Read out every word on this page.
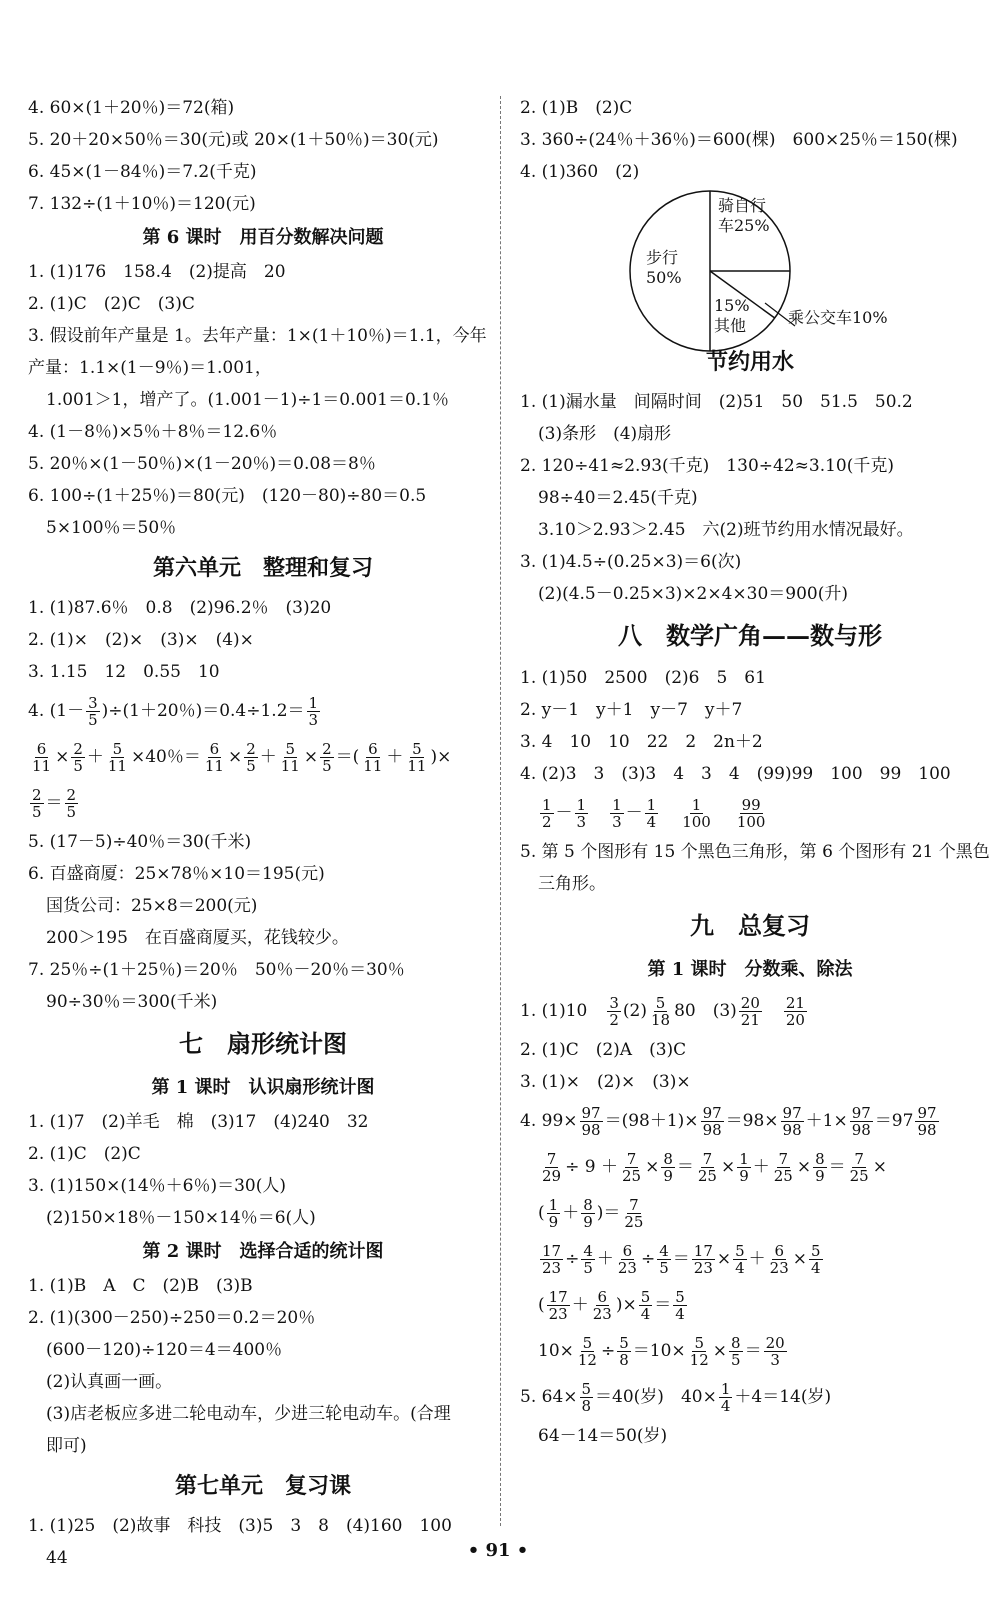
4. 60×(1＋20％)＝72(箱)
5. 20＋20×50％＝30(元)或 20×(1＋50％)＝30(元)
6. 45×(1－84％)＝7.2(千克)
7. 132÷(1＋10％)＝120(元)
第 6 课时　用百分数解决问题
1. (1)176　158.4　(2)提高　20
2. (1)C　(2)C　(3)C
3. 假设前年产量是 1。去年产量：1×(1＋10％)＝1.1，今年
产量：1.1×(1－9％)＝1.001，
1.001＞1，增产了。(1.001－1)÷1＝0.001＝0.1％
4. (1－8％)×5％＋8％＝12.6％
5. 20％×(1－50％)×(1－20％)＝0.08＝8％
6. 100÷(1＋25％)＝80(元)　(120－80)÷80＝0.5
5×100％＝50％
第六单元　整理和复习
1. (1)87.6％　0.8　(2)96.2％　(3)20
2. (1)×　(2)×　(3)×　(4)×
3. 1.15　12　0.55　10
4. $(1- \frac{3}{5} )\div(1+20$％)$=0.4\div 1.2= \frac{1}{3}$
$\frac{6}{11} \times \frac{2}{5} + \frac{5}{11} \times 40$％＝ $\frac{6}{11} \times \frac{2}{5} + \frac{5}{11} \times \frac{2}{5}$ ＝( $\frac{6}{11} + \frac{5}{11}$ )×
$\frac{2}{5} = \frac{2}{5}$
5. (17－5)÷40％＝30(千米)
6. 百盛商厦：25×78％×10＝195(元)
国货公司：25×8＝200(元)
200＞195　在百盛商厦买，花钱较少。
7. 25％÷(1＋25％)＝20％　50％－20％＝30％
90÷30％＝300(千米)
七　扇形统计图
第 1 课时　认识扇形统计图
1. (1)7　(2)羊毛　棉　(3)17　(4)240　32
2. (1)C　(2)C
3. (1)150×(14％＋6％)＝30(人)
(2)150×18％－150×14％＝6(人)
第 2 课时　选择合适的统计图
1. (1)B　A　C　(2)B　(3)B
2. (1)(300－250)÷250＝0.2＝20％
(600－120)÷120＝4＝400％
(2)认真画一画。
(3)店老板应多进二轮电动车，少进三轮电动车。(合理
即可)
第七单元　复习课
1. (1)25　(2)故事　科技　(3)5　3　8　(4)160　100
44
2. (1)B　(2)C
3. 360÷(24％＋36％)＝600(棵)　600×25％＝150(棵)
4. (1)360　(2)
骑自行
车25%
步行
50%
15%
其他	乘公交车10%
节约用水
1. (1)漏水量　间隔时间　(2)51　50　51.5　50.2
(3)条形　(4)扇形
2. 120÷41≈2.93(千克)　130÷42≈3.10(千克)
98÷40＝2.45(千克)
3.10＞2.93＞2.45　六(2)班节约用水情况最好。
3. (1)4.5÷(0.25×3)＝6(次)
(2)(4.5－0.25×3)×2×4×30＝900(升)
八　数学广角——数与形
1. (1)50　2500　(2)6　5　61
2. y－1　y＋1　y－7　y＋7
3. 4　10　10　22　2　2n＋2
4. (2)3　3　(3)3　4　3　4　(99)99　100　99　100
$\frac{1}{2} - \frac{1}{3} \frac{1}{3} - \frac{1}{4} \frac{1}{100} \frac{99}{100}$
5. 第 5 个图形有 15 个黑色三角形，第 6 个图形有 21 个黑色
三角形。
九　总复习
第 1 课时　分数乘、除法
1. $(1)10 \frac{3}{2} (2) \frac{5}{18} 80$　$(3) \frac{20}{21} \frac{21}{20}$
2. (1)C　(2)A　(3)C
3. (1)×　(2)×　(3)×
4. $99\times \frac{97}{98} =(98+1)\times \frac{97}{98} =98\times \frac{97}{98} +1\times \frac{97}{98} =97 \frac{97}{98}$
$\frac{7}{29} \div 9 + \frac{7}{25} \times \frac{8}{9} = \frac{7}{25} \times \frac{1}{9} + \frac{7}{25} \times \frac{8}{9} = \frac{7}{25}$ ×
( $\frac{1}{9} + \frac{8}{9}$ )＝ $\frac{7}{25}$
$\frac{17}{23} \div \frac{4}{5} + \frac{6}{23} \div \frac{4}{5} = \frac{17}{23} \times \frac{5}{4} + \frac{6}{23} \times \frac{5}{4}$
( $\frac{17}{23} + \frac{6}{23}$ )× $\frac{5}{4} = \frac{5}{4}$
$10\times \frac{5}{12} \div \frac{5}{8} =10\times \frac{5}{12} \times \frac{8}{5} = \frac{20}{3}$
5. $64\times \frac{5}{8} =40$(岁)　$40\times \frac{1}{4} +4=14$(岁)
64－14＝50(岁)
• 91 •
